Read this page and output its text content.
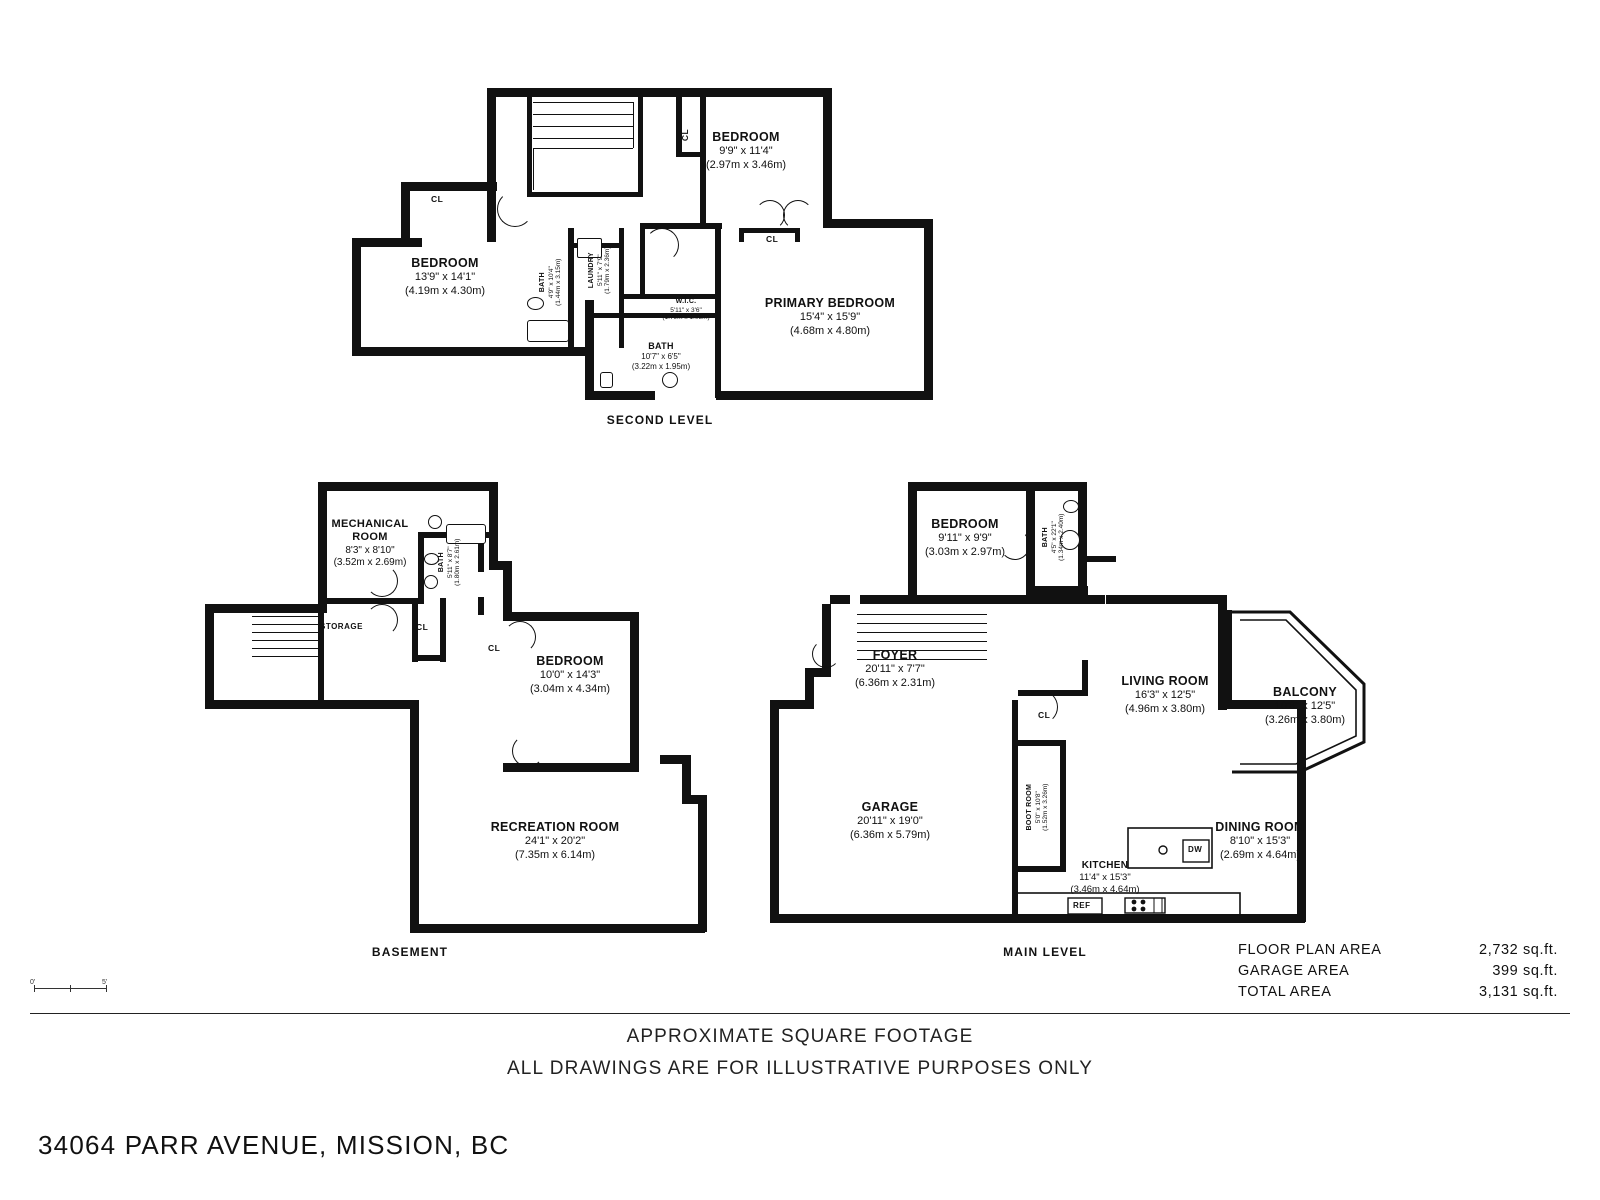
BEDROOM
9'9" x 11'4"
(2.97m x 3.46m)
BEDROOM
13'9" x 14'1"
(4.19m x 4.30m)
PRIMARY BEDROOM
15'4" x 15'9"
(4.68m x 4.80m)
BATH
10'7" x 6'5"
(3.22m x 1.95m)
BATH 4'9" x 10'4" (1.44m x 3.15m)	LAUNDRY 5'11" x 7'9" (1.79m x 2.36m)
W.I.C.
5'11" x 3'6"
(1.79m x 1.05m)
CL
CL
CL
SECOND LEVEL
MECHANICAL
ROOM
8'3" x 8'10"
(3.52m x 2.69m)
BEDROOM
10'0" x 14'3"
(3.04m x 4.34m)
RECREATION ROOM
24'1" x 20'2"
(7.35m x 6.14m)
BATH 5'11" x 8'7" (1.80m x 2.61m)
STORAGE	CL
CL
BASEMENT
DW
REF
BEDROOM
9'11" x 9'9"
(3.03m x 2.97m)
BATH 4'5" x 22'1" (1.34m x 2.40m)
FOYER
20'11" x 7'7"
(6.36m x 2.31m)	LIVING ROOM
16'3" x 12'5"
(4.96m x 3.80m)
BALCONY
10'8" x 12'5"
(3.26m x 3.80m)
DINING ROOM
8'10" x 15'3"
(2.69m x 4.64m)
KITCHEN
11'4" x 15'3"
(3.46m x 4.64m)
GARAGE
20'11" x 19'0"
(6.36m x 5.79m)
BOOT ROOM 5'0" x 10'8" (1.52m x 3.26m)
CL
MAIN LEVEL	FLOOR PLAN AREA	2,732 sq.ft.
GARAGE AREA	399 sq.ft.
TOTAL AREA	3,131 sq.ft.
0'	5'
APPROXIMATE SQUARE FOOTAGE
ALL DRAWINGS ARE FOR ILLUSTRATIVE PURPOSES ONLY
34064 PARR AVENUE, MISSION, BC
